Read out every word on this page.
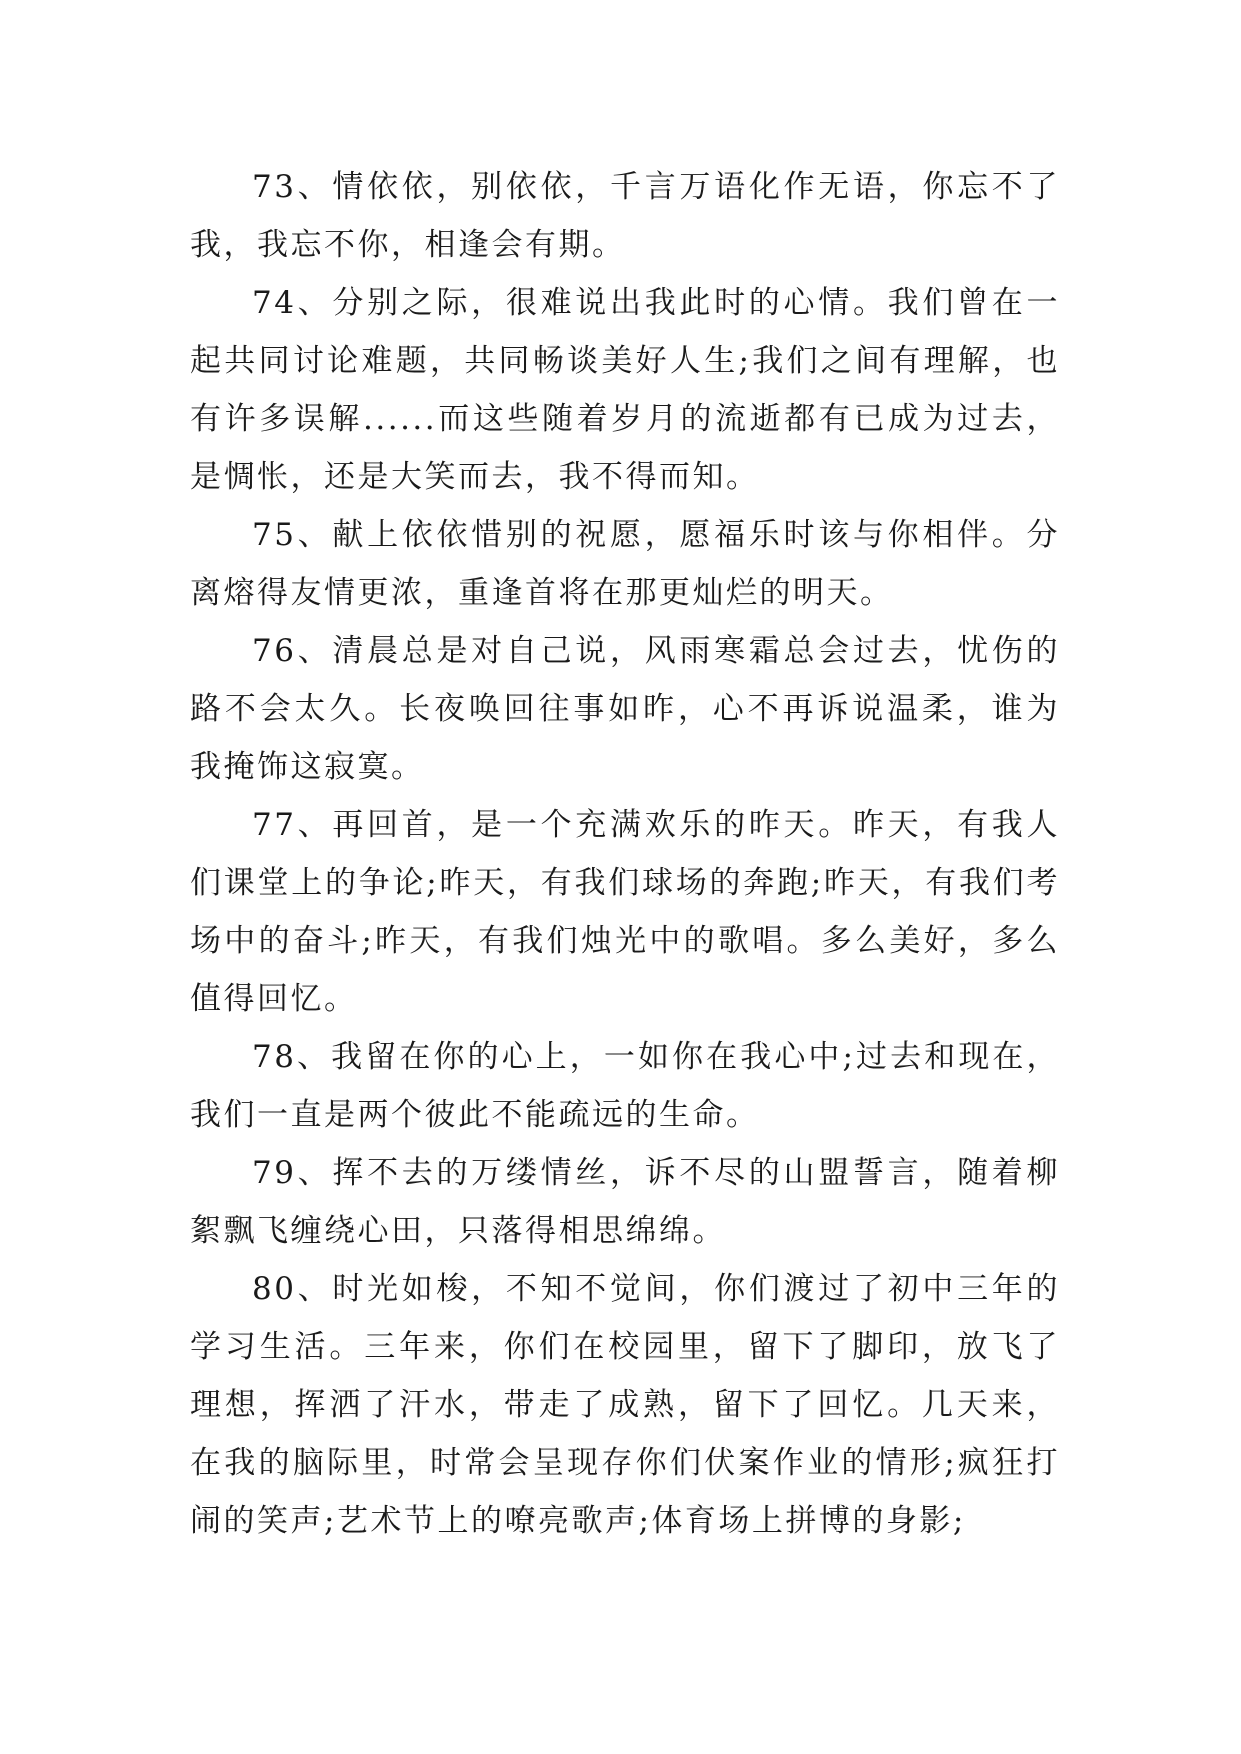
73、情依依，别依依，千言万语化作无语，你忘不了我，我忘不你，相逢会有期。

74、分别之际，很难说出我此时的心情。我们曾在一起共同讨论难题，共同畅谈美好人生;我们之间有理解，也有许多误解......而这些随着岁月的流逝都有已成为过去，是惆怅，还是大笑而去，我不得而知。

75、献上依依惜别的祝愿，愿福乐时该与你相伴。分离熔得友情更浓，重逢首将在那更灿烂的明天。

76、清晨总是对自己说，风雨寒霜总会过去，忧伤的路不会太久。长夜唤回往事如昨，心不再诉说温柔，谁为我掩饰这寂寞。

77、再回首，是一个充满欢乐的昨天。昨天，有我人们课堂上的争论;昨天，有我们球场的奔跑;昨天，有我们考场中的奋斗;昨天，有我们烛光中的歌唱。多么美好，多么值得回忆。

78、我留在你的心上，一如你在我心中;过去和现在，我们一直是两个彼此不能疏远的生命。

79、挥不去的万缕情丝，诉不尽的山盟誓言，随着柳絮飘飞缠绕心田，只落得相思绵绵。

80、时光如梭，不知不觉间，你们渡过了初中三年的学习生活。三年来，你们在校园里，留下了脚印，放飞了理想，挥洒了汗水，带走了成熟，留下了回忆。几天来，在我的脑际里，时常会呈现存你们伏案作业的情形;疯狂打闹的笑声;艺术节上的嘹亮歌声;体育场上拼博的身影;
